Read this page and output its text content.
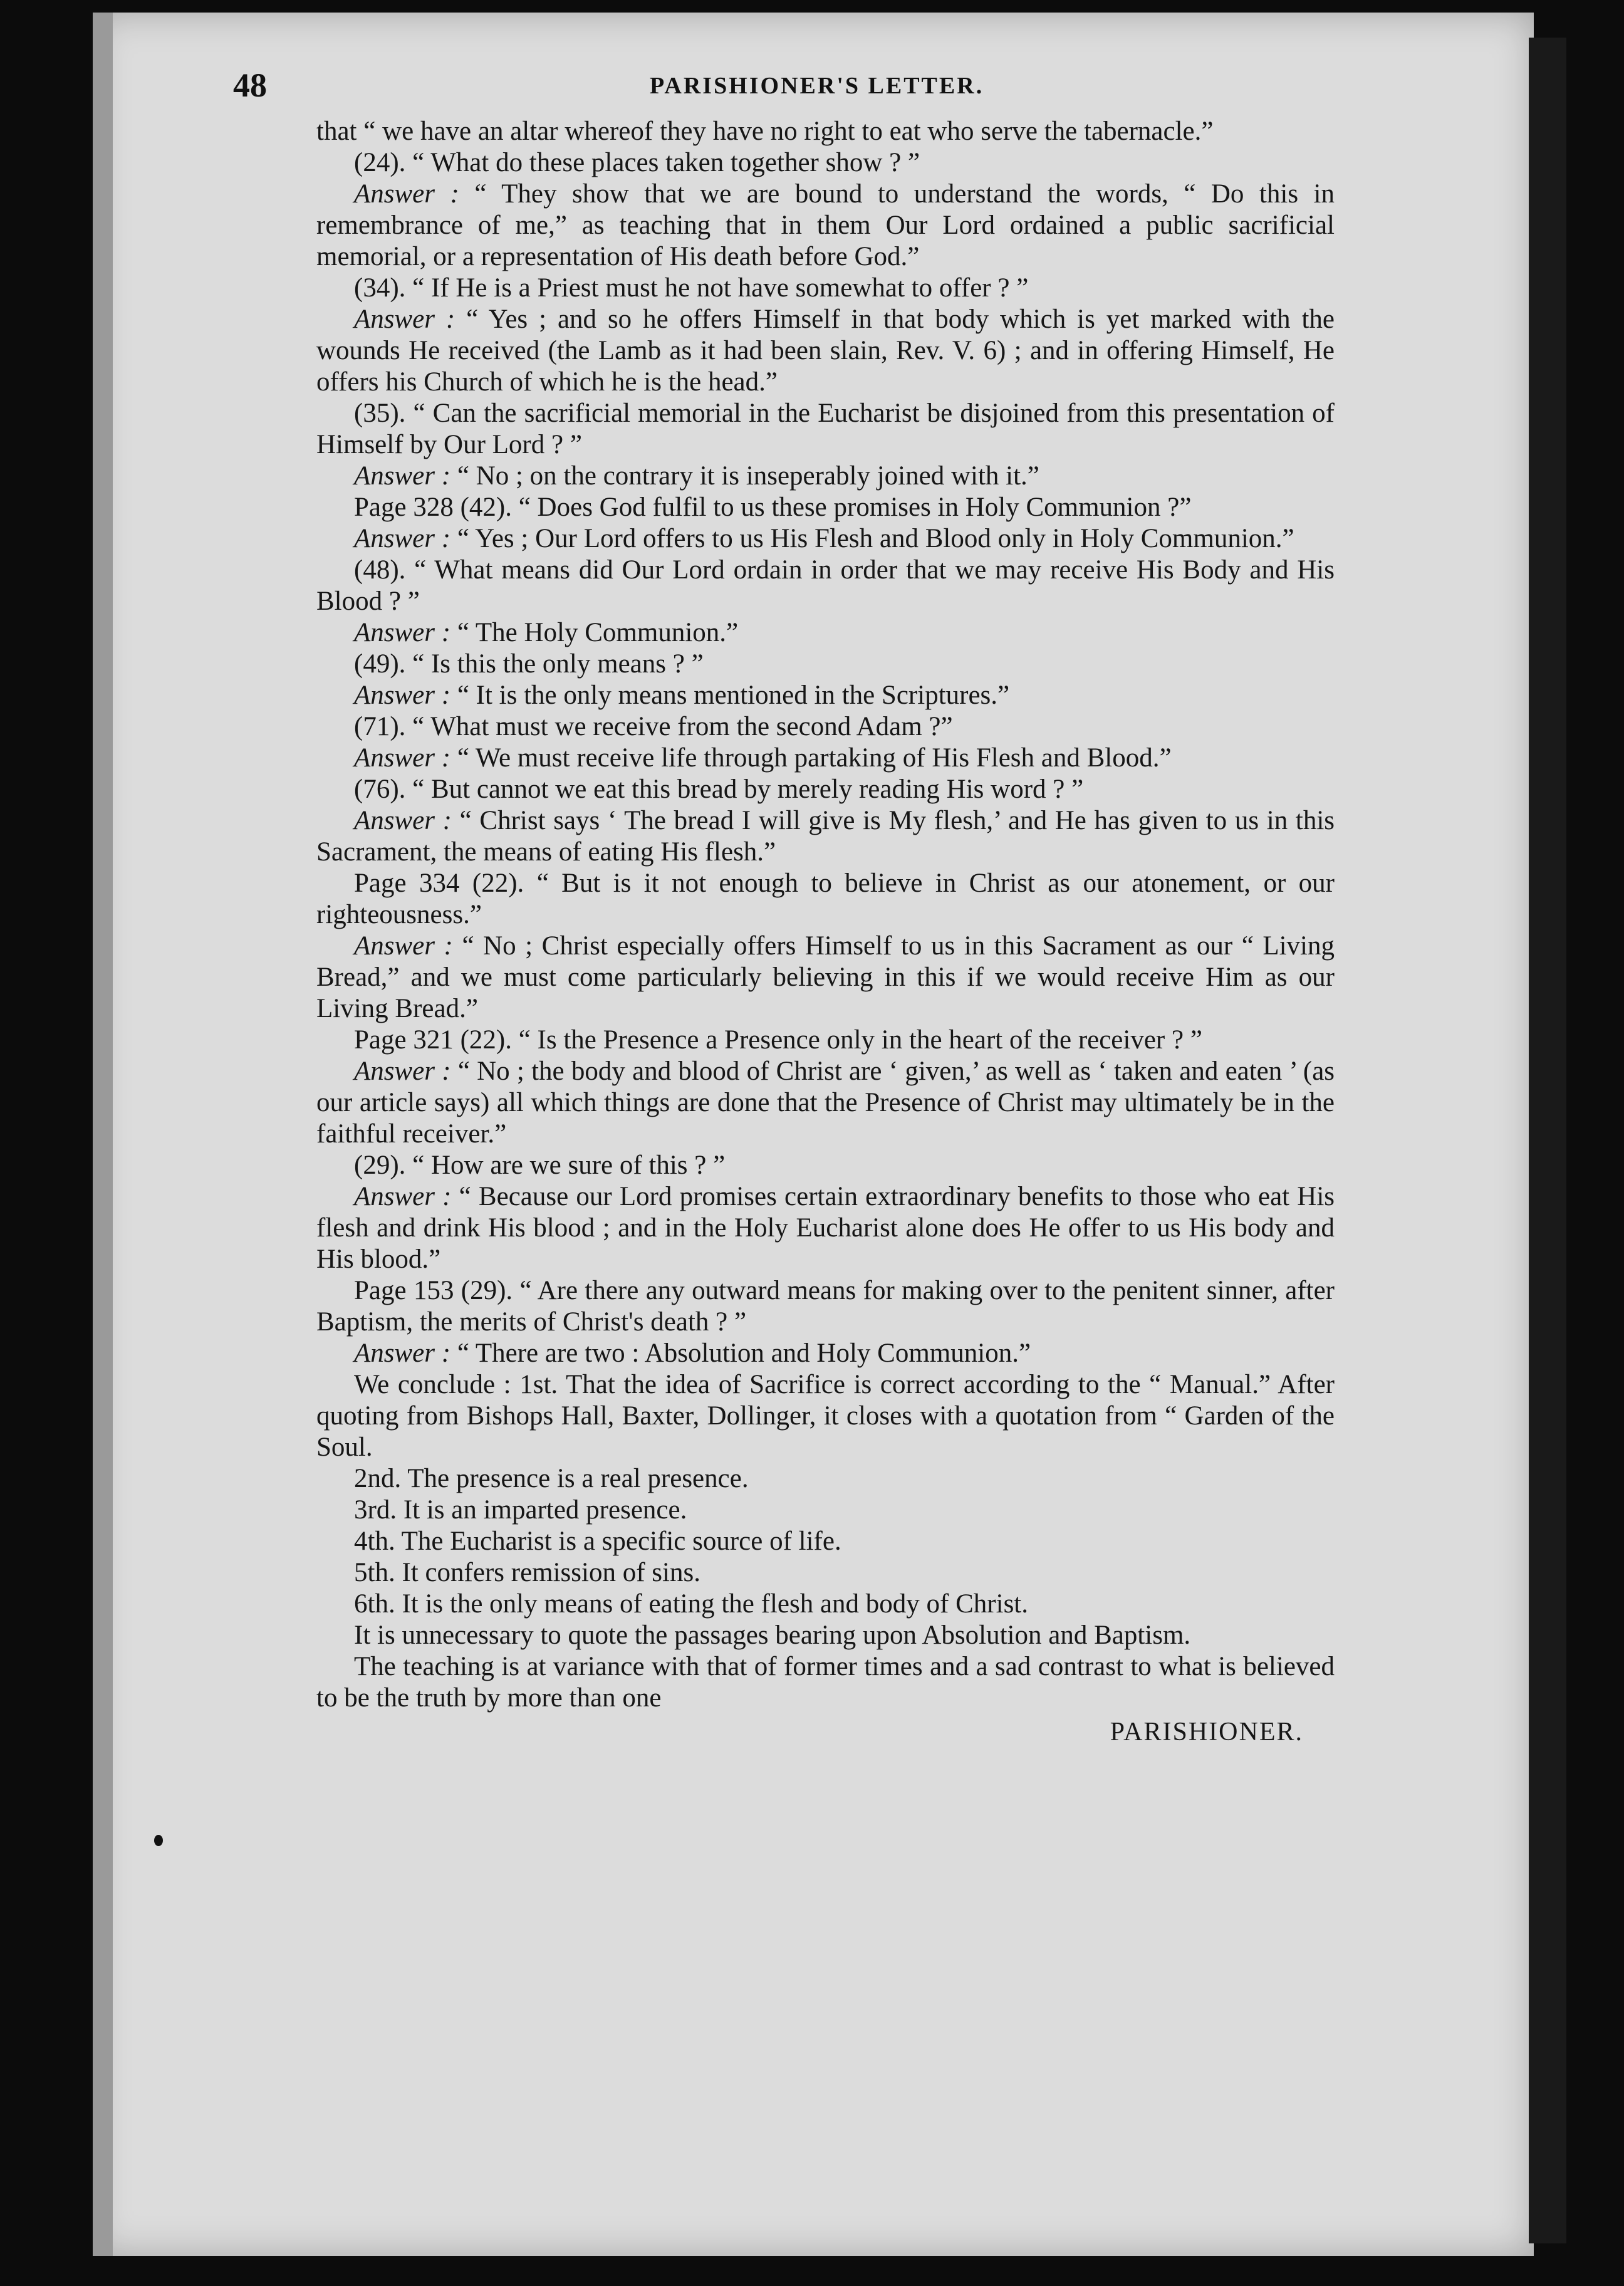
48	PARISHIONER'S LETTER.

that “ we have an altar whereof they have no right to eat who serve the tabernacle.”

(24). “ What do these places taken together show ? ”

Answer : “ They show that we are bound to understand the words, “ Do this in remembrance of me,” as teaching that in them Our Lord ordained a public sacrificial memorial, or a representation of His death before God.”

(34). “ If He is a Priest must he not have somewhat to offer ? ”

Answer : “ Yes ; and so he offers Himself in that body which is yet marked with the wounds He received (the Lamb as it had been slain, Rev. V. 6) ; and in offering Himself, He offers his Church of which he is the head.”

(35). “ Can the sacrificial memorial in the Eucharist be disjoined from this presentation of Himself by Our Lord ? ”

Answer : “ No ; on the contrary it is inseperably joined with it.”

Page 328 (42). “ Does God fulfil to us these promises in Holy Communion ?”

Answer : “ Yes ; Our Lord offers to us His Flesh and Blood only in Holy Communion.”

(48). “ What means did Our Lord ordain in order that we may receive His Body and His Blood ? ”

Answer : “ The Holy Communion.”

(49). “ Is this the only means ? ”

Answer : “ It is the only means mentioned in the Scriptures.”

(71). “ What must we receive from the second Adam ?”

Answer : “ We must receive life through partaking of His Flesh and Blood.”

(76). “ But cannot we eat this bread by merely reading His word ? ”

Answer : “ Christ says ‘ The bread I will give is My flesh,’ and He has given to us in this Sacrament, the means of eating His flesh.”

Page 334 (22). “ But is it not enough to believe in Christ as our atonement, or our righteousness.”

Answer : “ No ; Christ especially offers Himself to us in this Sacrament as our “ Living Bread,” and we must come particularly believing in this if we would receive Him as our Living Bread.”

Page 321 (22). “ Is the Presence a Presence only in the heart of the receiver ? ”

Answer : “ No ; the body and blood of Christ are ‘ given,’ as well as ‘ taken and eaten ’ (as our article says) all which things are done that the Presence of Christ may ultimately be in the faithful receiver.”

(29). “ How are we sure of this ? ”

Answer : “ Because our Lord promises certain extraordinary benefits to those who eat His flesh and drink His blood ; and in the Holy Eucharist alone does He offer to us His body and His blood.”

Page 153 (29). “ Are there any outward means for making over to the penitent sinner, after Baptism, the merits of Christ's death ? ”

Answer : “ There are two : Absolution and Holy Communion.”

We conclude : 1st. That the idea of Sacrifice is correct according to the “ Manual.” After quoting from Bishops Hall, Baxter, Dollinger, it closes with a quotation from “ Garden of the Soul.

2nd. The presence is a real presence.

3rd. It is an imparted presence.

4th. The Eucharist is a specific source of life.

5th. It confers remission of sins.

6th. It is the only means of eating the flesh and body of Christ.

It is unnecessary to quote the passages bearing upon Absolution and Baptism.

The teaching is at variance with that of former times and a sad contrast to what is believed to be the truth by more than one

PARISHIONER.
